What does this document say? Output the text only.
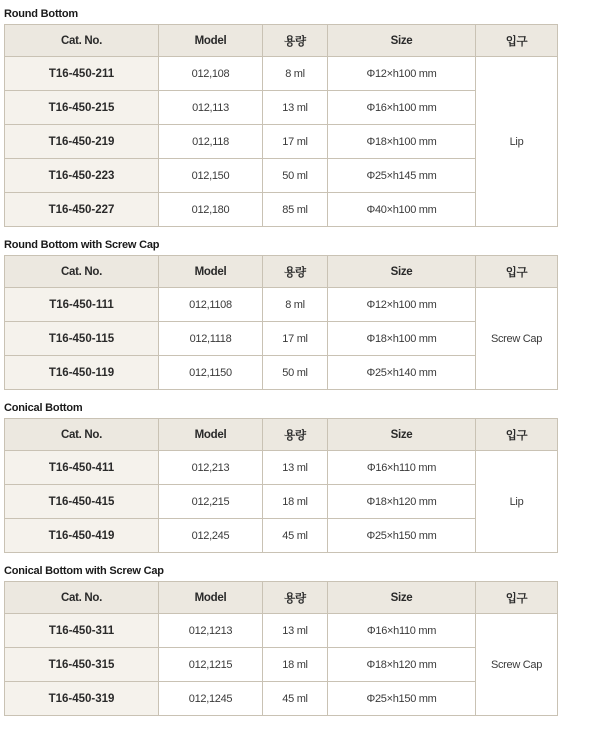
Round Bottom
Cat. No.	Model	용량	Size	입구
T16-450-211	012,108	8 ml	Φ12×h100 mm	Lip
T16-450-215	012,113	13 ml	Φ16×h100 mm	
T16-450-219	012,118	17 ml	Φ18×h100 mm	
T16-450-223	012,150	50 ml	Φ25×h145 mm	
T16-450-227	012,180	85 ml	Φ40×h100 mm	
Round Bottom with Screw Cap
Cat. No.	Model	용량	Size	입구
T16-450-111	012,1108	8 ml	Φ12×h100 mm	Screw Cap
T16-450-115	012,1118	17 ml	Φ18×h100 mm	
T16-450-119	012,1150	50 ml	Φ25×h140 mm	
Conical Bottom
Cat. No.	Model	용량	Size	입구
T16-450-411	012,213	13 ml	Φ16×h110 mm	Lip
T16-450-415	012,215	18 ml	Φ18×h120 mm	
T16-450-419	012,245	45 ml	Φ25×h150 mm	
Conical Bottom with Screw Cap
Cat. No.	Model	용량	Size	입구
T16-450-311	012,1213	13 ml	Φ16×h110 mm	Screw Cap
T16-450-315	012,1215	18 ml	Φ18×h120 mm	
T16-450-319	012,1245	45 ml	Φ25×h150 mm	
